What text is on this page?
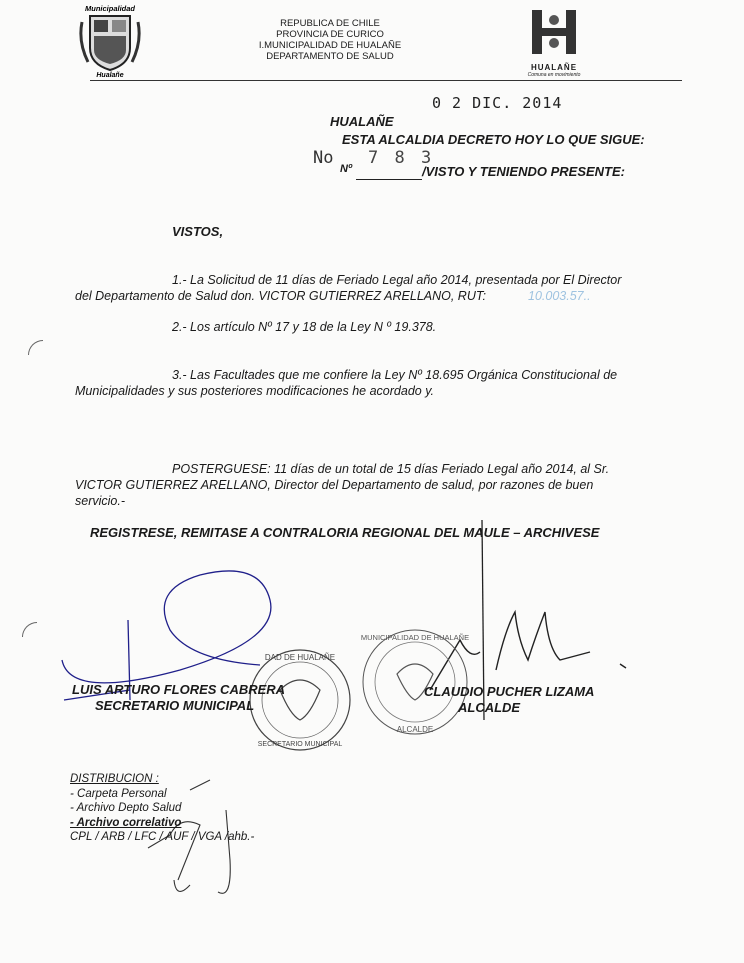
Municipalidad
Hualañe
REPUBLICA DE CHILE
PROVINCIA DE CURICO
I.MUNICIPALIDAD DE HUALAÑE
DEPARTAMENTO DE SALUD
HUALAÑE
Comuna en movimiento
0 2 DIC. 2014
HUALAÑE
ESTA ALCALDIA DECRETO HOY LO QUE SIGUE:
No
Nº
7 8 3
/VISTO Y TENIENDO PRESENTE:
VISTOS,
1.- La Solicitud de 11 días de Feriado Legal año 2014, presentada por El Director
del Departamento de Salud don. VICTOR GUTIERREZ ARELLANO, RUT:	10.003.57..
2.- Los artículo Nº 17 y 18 de la Ley N º 19.378.
3.- Las Facultades que me confiere la Ley Nº 18.695 Orgánica Constitucional de
Municipalidades y sus posteriores modificaciones he acordado y.
POSTERGUESE: 11 días de un total de 15 días Feriado Legal año 2014, al Sr.
VICTOR GUTIERREZ ARELLANO, Director del Departamento de salud, por razones de buen
servicio.-
REGISTRESE, REMITASE A CONTRALORIA REGIONAL DEL MAULE – ARCHIVESE
DAD DE HUALAÑE
SECRETARIO MUNICIPAL
MUNICIPALIDAD DE HUALAÑE
ALCALDE
LUIS ARTURO FLORES CABRERA
SECRETARIO MUNICIPAL
CLAUDIO PUCHER LIZAMA
ALCALDE
DISTRIBUCION :
- Carpeta Personal
- Archivo Depto Salud
- Archivo correlativo
CPL / ARB / LFC / AUF / VGA /ahb.-
